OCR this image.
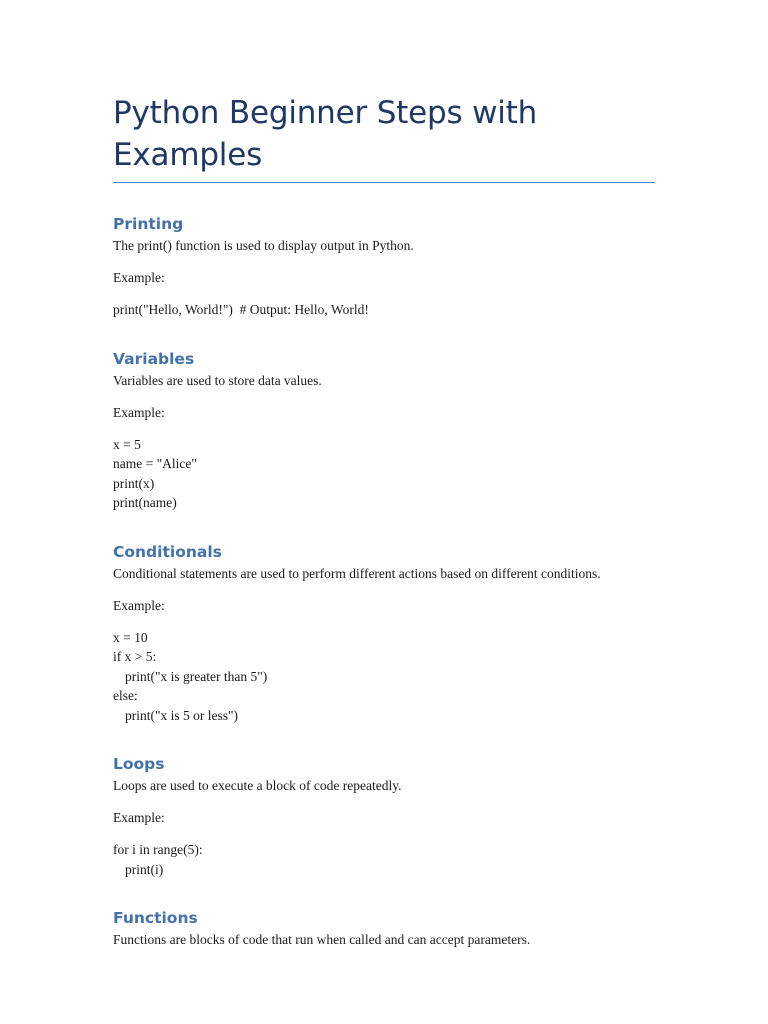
Python Beginner Steps with Examples
Printing

The print() function is used to display output in Python.

Example:

print("Hello, World!")  # Output: Hello, World!
Variables

Variables are used to store data values.

Example:

x = 5
name = "Alice"
print(x)
print(name)
Conditionals

Conditional statements are used to perform different actions based on different conditions.

Example:

x = 10
if x > 5:
print("x is greater than 5")
else:
print("x is 5 or less")
Loops

Loops are used to execute a block of code repeatedly.

Example:

for i in range(5):
print(i)
Functions

Functions are blocks of code that run when called and can accept parameters.
